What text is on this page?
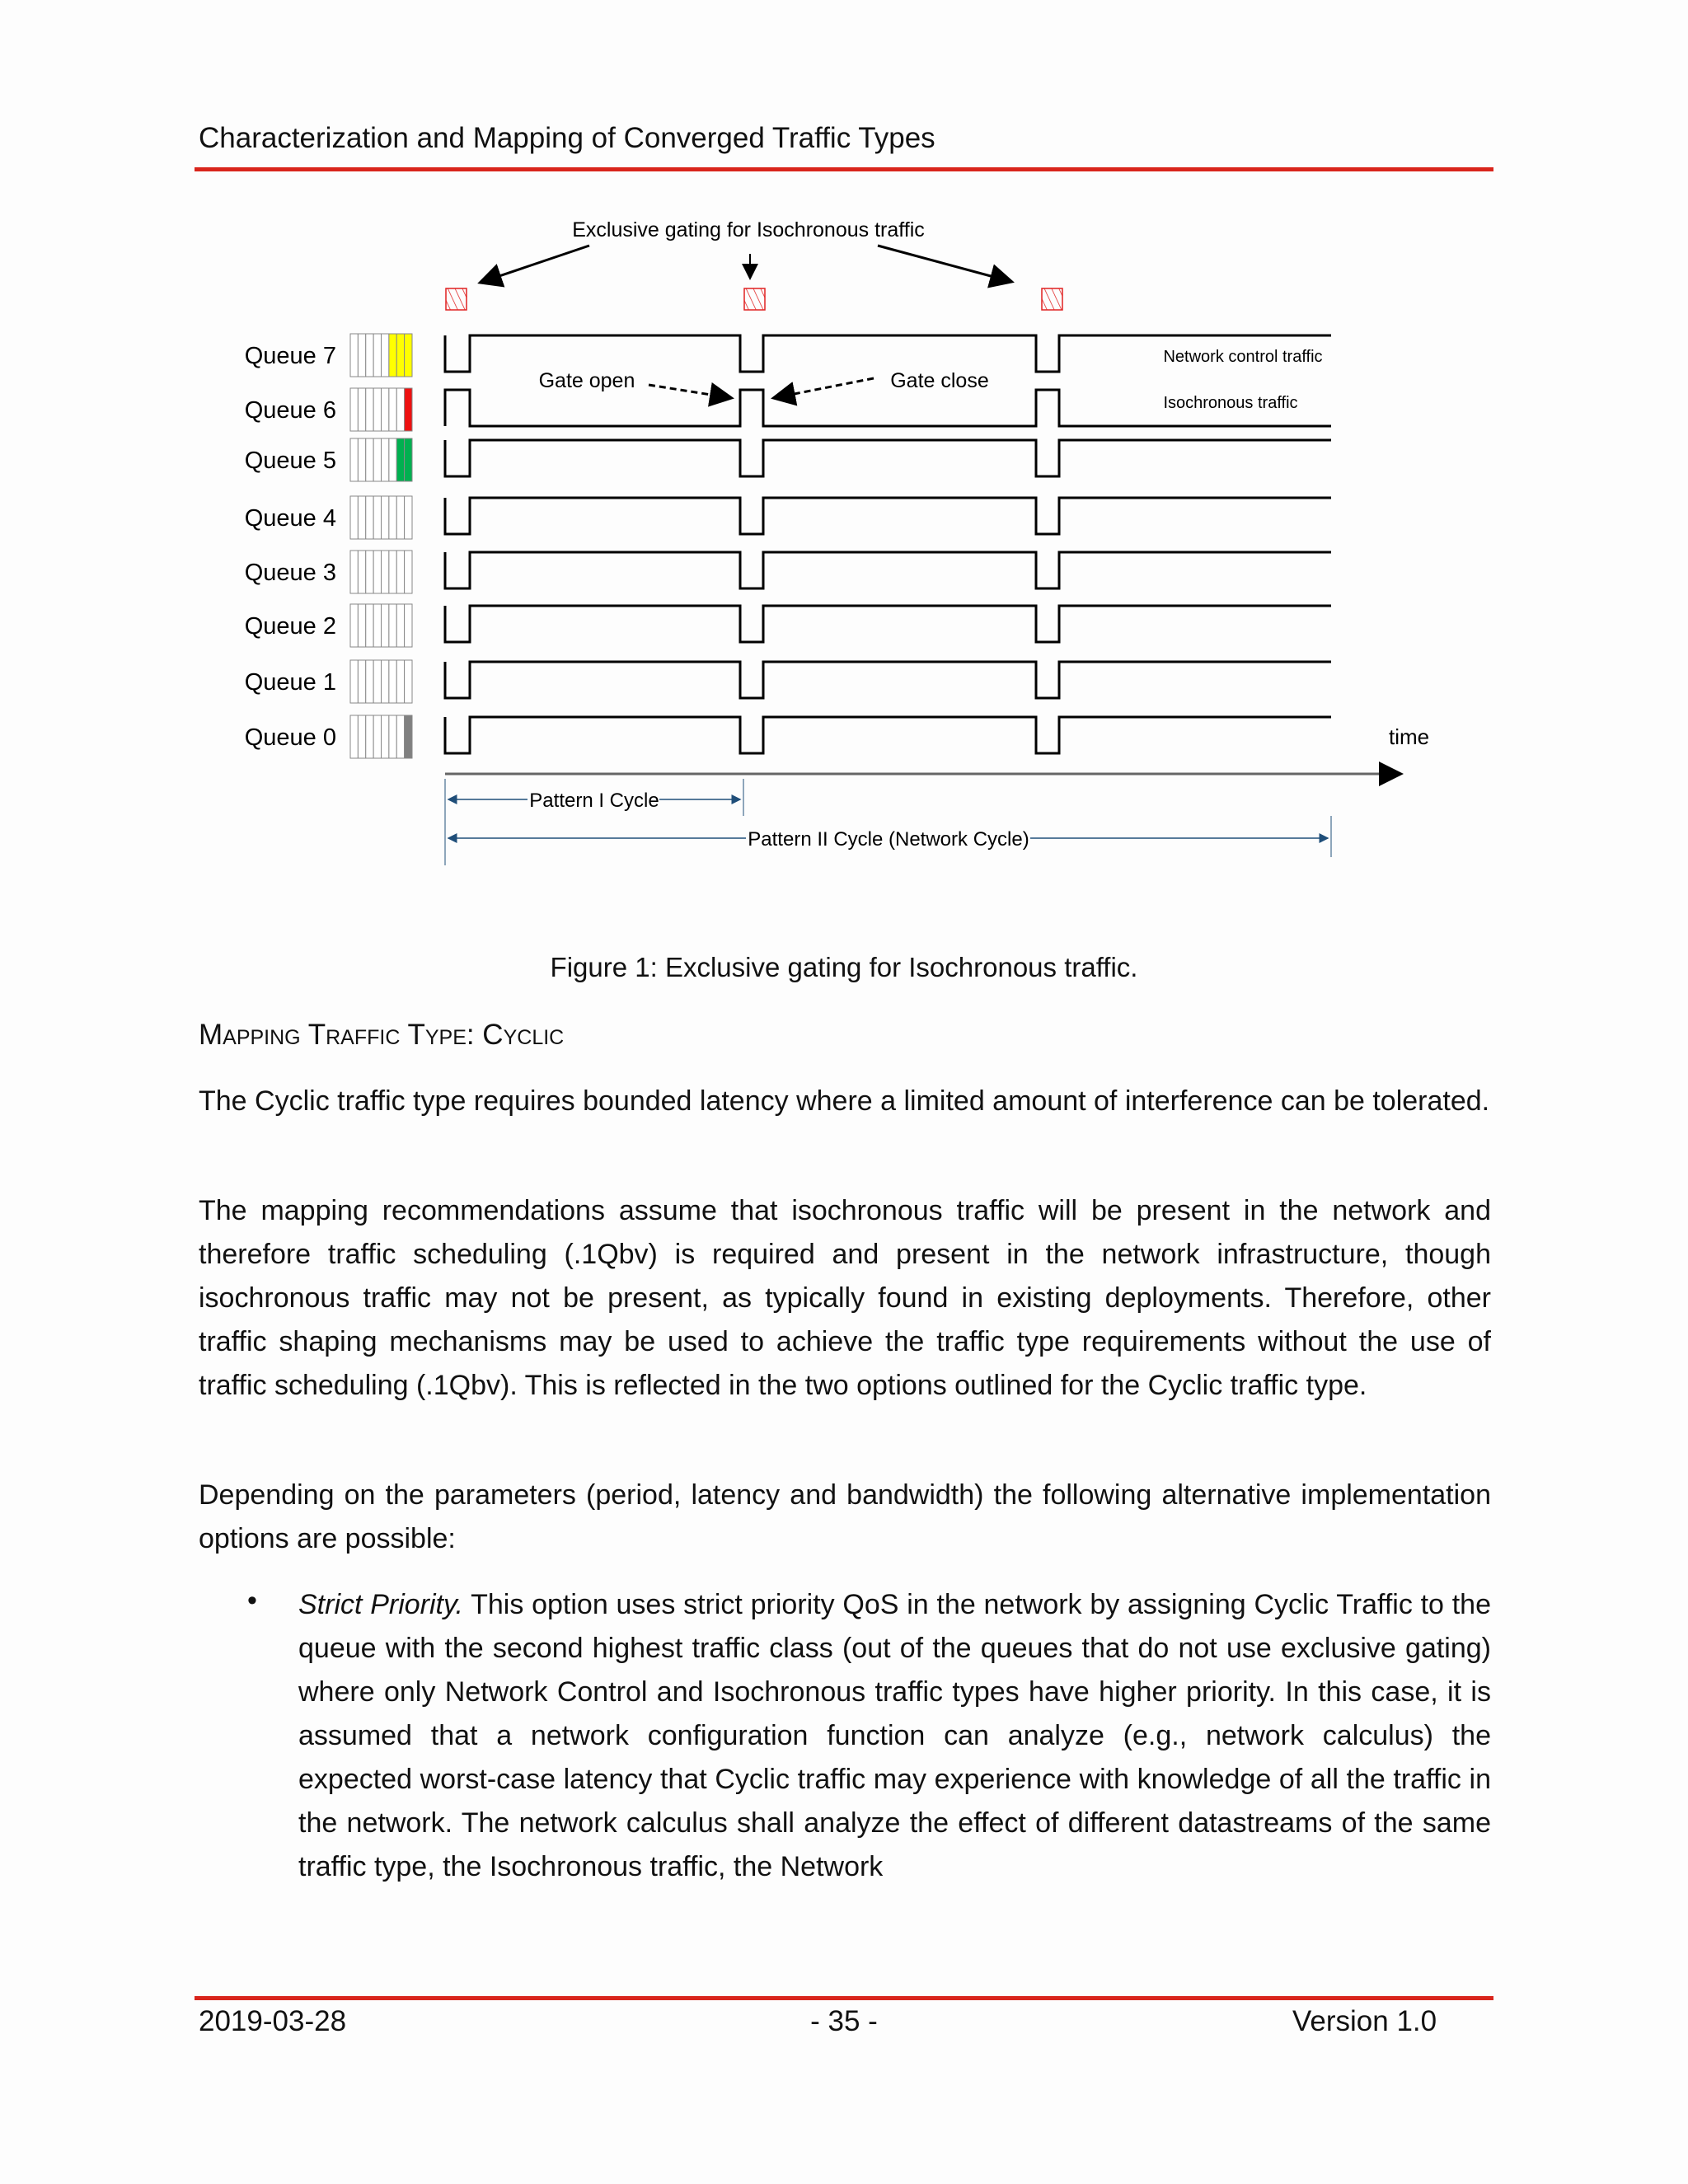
Characterization and Mapping of Converged Traffic Types
Exclusive gating for Isochronous traffic
Queue 7
Queue 6
Queue 5
Queue 4
Queue 3
Queue 2
Queue 1
Queue 0
Gate open	Gate close
Network control traffic
Isochronous traffic
time
Pattern I Cycle
Pattern II Cycle (Network Cycle)
Figure 1: Exclusive gating for Isochronous traffic.
Mapping Traffic Type: Cyclic

The Cyclic traffic type requires bounded latency where a limited amount of interference can be tolerated.

The mapping recommendations assume that isochronous traffic will be present in the network and therefore traffic scheduling (.1Qbv) is required and present in the network infrastructure, though isochronous traffic may not be present, as typically found in existing deployments. Therefore, other traffic shaping mechanisms may be used to achieve the traffic type requirements without the use of traffic scheduling (.1Qbv). This is reflected in the two options outlined for the Cyclic traffic type.

Depending on the parameters (period, latency and bandwidth) the following alternative implementation options are possible:

• Strict Priority. This option uses strict priority QoS in the network by assigning Cyclic Traffic to the queue with the second highest traffic class (out of the queues that do not use exclusive gating) where only Network Control and Isochronous traffic types have higher priority. In this case, it is assumed that a network configuration function can analyze (e.g., network calculus) the expected worst-case latency that Cyclic traffic may experience with knowledge of all the traffic in the network. The network calculus shall analyze the effect of different datastreams of the same traffic type, the Isochronous traffic, the Network

2019-03-28	- 35 -	Version 1.0
